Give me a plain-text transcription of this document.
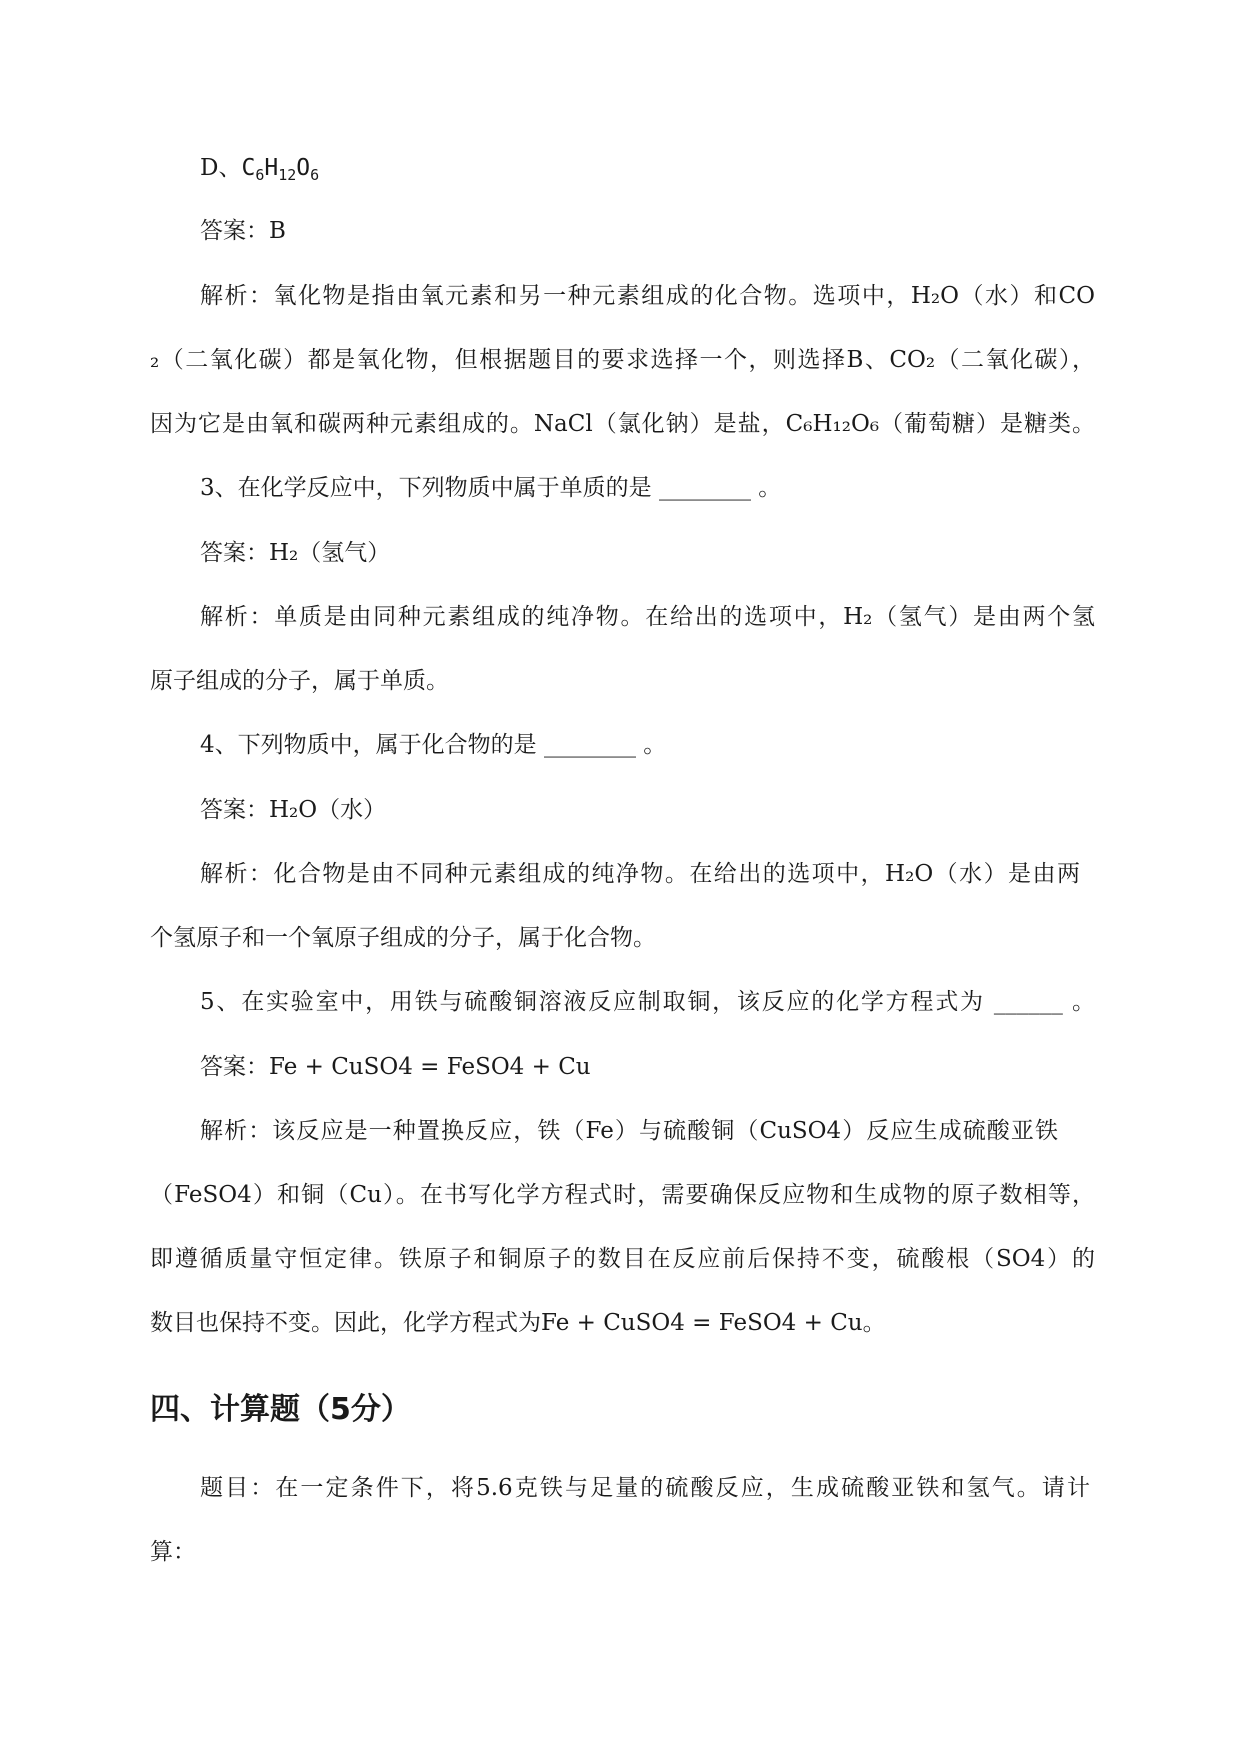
D、$C_6H_{12}O_6$
答案：B
解析：氧化物是指由氧元素和另一种元素组成的化合物。选项中，H₂O（水）和CO
₂（二氧化碳）都是氧化物，但根据题目的要求选择一个，则选择B、CO₂（二氧化碳），
因为它是由氧和碳两种元素组成的。NaCl（氯化钠）是盐，C₆H₁₂O₆（葡萄糖）是糖类。
3、在化学反应中，下列物质中属于单质的是 ________ 。
答案：H₂（氢气）
解析：单质是由同种元素组成的纯净物。在给出的选项中，H₂（氢气）是由两个氢
原子组成的分子，属于单质。
4、下列物质中，属于化合物的是 ________ 。
答案：H₂O（水）
解析：化合物是由不同种元素组成的纯净物。在给出的选项中，H₂O（水）是由两
个氢原子和一个氧原子组成的分子，属于化合物。
5、在实验室中，用铁与硫酸铜溶液反应制取铜，该反应的化学方程式为 ______ 。
答案：Fe + CuSO4 = FeSO4 + Cu
解析：该反应是一种置换反应，铁（Fe）与硫酸铜（CuSO4）反应生成硫酸亚铁
（FeSO4）和铜（Cu）。在书写化学方程式时，需要确保反应物和生成物的原子数相等，
即遵循质量守恒定律。铁原子和铜原子的数目在反应前后保持不变，硫酸根（SO4）的
数目也保持不变。因此，化学方程式为Fe + CuSO4 = FeSO4 + Cu。
四、计算题（5分）
题目：在一定条件下，将5.6克铁与足量的硫酸反应，生成硫酸亚铁和氢气。请计
算：
